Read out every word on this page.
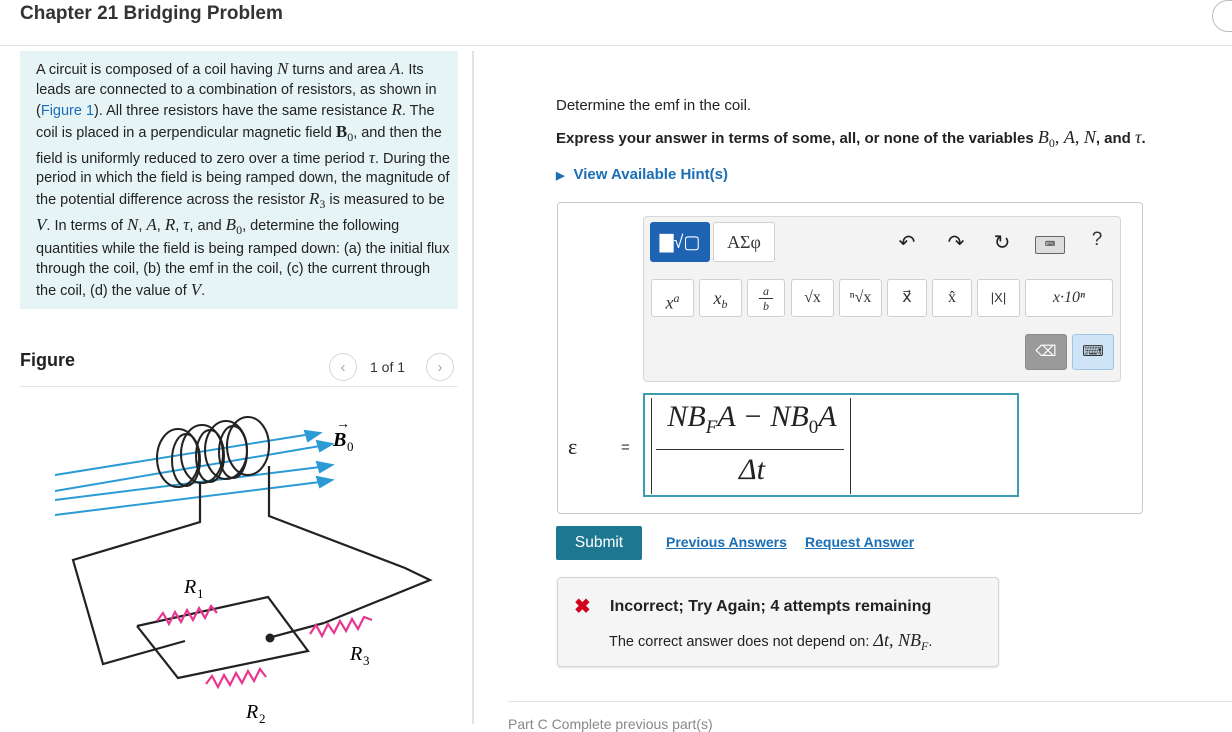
Chapter 21 Bridging Problem
A circuit is composed of a coil having N turns and area A. Its leads are connected to a combination of resistors, as shown in (Figure 1). All three resistors have the same resistance R. The coil is placed in a perpendicular magnetic field $B_0$, and then the field is uniformly reduced to zero over a time period τ. During the period in which the field is being ramped down, the magnitude of the potential difference across the resistor $R_3$ is measured to be V. In terms of N, A, R, τ, and $B_0$, determine the following quantities while the field is being ramped down: (a) the initial flux through the coil, (b) the emf in the coil, (c) the current through the coil, (d) the value of V.
Figure	‹	1 of 1	›
→
B 0
R 1
R 3
R 2
Determine the emf in the coil.
Express your answer in terms of some, all, or none of the variables $B_0$, A, N, and τ.
▶ View Available Hint(s)
▇√▢	ΑΣφ	↶ ↷ ↻	⌨	?
$x^a$	$x_b$
a
b	√x	ⁿ√x	x⃗	x̂	|X|	x·10ⁿ
⌫	⌨
ε	=
$NB_FA - NB_0A$
Δt
Submit	Previous Answers Request Answer
✖ Incorrect; Try Again; 4 attempts remaining
The correct answer does not depend on: Δt, $NB_F$.
Part C Complete previous part(s)
